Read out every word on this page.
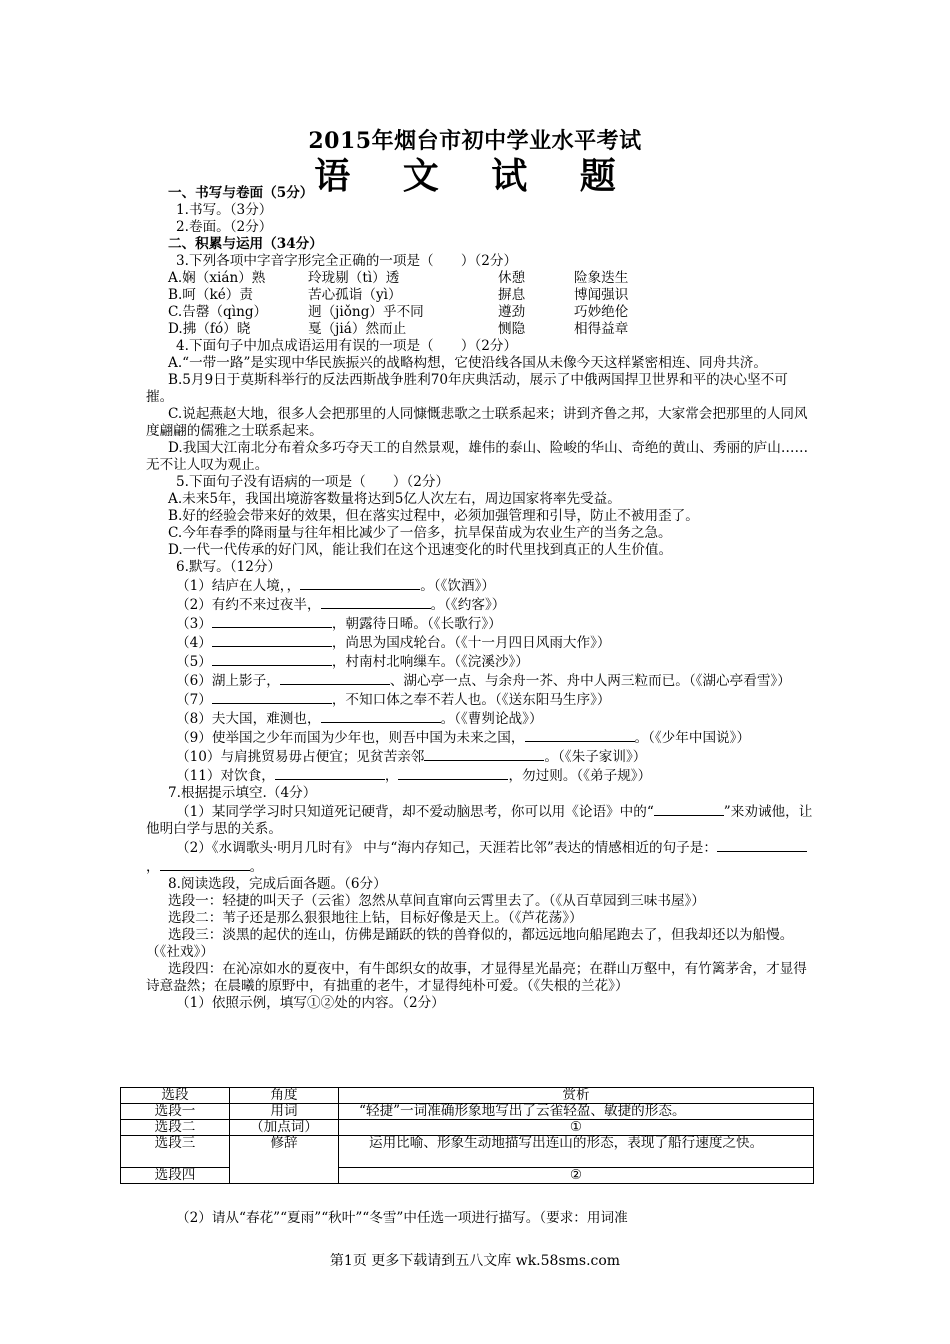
2015年烟台市初中学业水平考试
语 文 试 题

一、书写与卷面（5分）

1.书写。（3分）

2.卷面。（2分）

二、积累与运用（34分）

3.下列各项中字音字形完全正确的一项是（　　）（2分）

A.娴（xián）熟	玲珑剔（tì）透	休憩	险象迭生
B.呵（ké）责	苦心孤诣（yì）	摒息	博闻强识
C.告罄（qìng）	迥（jiǒng）乎不同	遵劲	巧妙绝伦
D.拂（fó）晓	戛（jiá）然而止	恻隐	相得益章

4.下面句子中加点成语运用有误的一项是（　　）（2分）

A.“一带一路”是实现中华民族振兴的战略构想，它使沿线各国从未像今天这样紧密相连、同舟共济。

B.5月9日于莫斯科举行的反法西斯战争胜利70年庆典活动，展示了中俄两国捍卫世界和平的决心坚不可摧。

C.说起燕赵大地，很多人会把那里的人同慷慨悲歌之士联系起来；讲到齐鲁之邦，大家常会把那里的人同风度翩翩的儒雅之士联系起来。

D.我国大江南北分布着众多巧夺天工的自然景观，雄伟的泰山、险峻的华山、奇绝的黄山、秀丽的庐山……无不让人叹为观止。

5.下面句子没有语病的一项是（　　）（2分）

A.未来5年，我国出境游客数量将达到5亿人次左右，周边国家将率先受益。

B.好的经验会带来好的效果，但在落实过程中，必须加强管理和引导，防止不被用歪了。

C.今年春季的降雨量与往年相比减少了一倍多，抗旱保苗成为农业生产的当务之急。

D.一代一代传承的好门风，能让我们在这个迅速变化的时代里找到真正的人生价值。

6.默写。（12分）

（1）结庐在人境，，	。（《饮酒》）

（2）有约不来过夜半，	。（《约客》）

（3）	，朝露待日晞。（《长歌行》）

（4）	，尚思为国戍轮台。（《十一月四日风雨大作》）

（5）	，村南村北响缫车。（《浣溪沙》）

（6）湖上影子，	、湖心亭一点、与余舟一芥、舟中人两三粒而已。（《湖心亭看雪》）

（7）	，不知口体之奉不若人也。（《送东阳马生序》）

（8）夫大国，难测也，	。（《曹刿论战》）

（9）使举国之少年而国为少年也，则吾中国为未来之国，	。（《少年中国说》）

（10）与肩挑贸易毋占便宜；见贫苦亲邻	。（《朱子家训》）

（11）对饮食，	，	，勿过则。（《弟子规》）

7.根据提示填空.（4分）

（1）某同学学习时只知道死记硬背，却不爱动脑思考，你可以用《论语》中的“	”来劝诫他，让他明白学与思的关系。

（2）《水调歌头·明月几时有》 中与“海内存知己，天涯若比邻”表达的情感相近的句子是：，	。

8.阅读选段，完成后面各题。（6分）

选段一：轻捷的叫天子（云雀）忽然从草间直窜向云霄里去了。（《从百草园到三味书屋》）

选段二：苇子还是那么狠狠地往上钻，目标好像是天上。（《芦花荡》）

选段三：淡黑的起伏的连山，仿佛是踊跃的铁的兽脊似的，都远远地向船尾跑去了，但我却还以为船慢。（《社戏》）

选段四：在沁凉如水的夏夜中，有牛郎织女的故事，才显得星光晶亮；在群山万壑中，有竹篱茅舍，才显得诗意盎然；在晨曦的原野中，有拙重的老牛，才显得纯朴可爱。（《失根的兰花》）

（1）依照示例，填写①②处的内容。（2分）

选段	角度	赏析
选段一	用词	“轻捷”一词准确形象地写出了云雀轻盈、敏捷的形态。
选段二	（加点词）	①
选段三	修辞	运用比喻、形象生动地描写出连山的形态，表现了船行速度之快。
选段四		②

（2）请从“春花”“夏雨”“秋叶”“冬雪”中任选一项进行描写。（要求：用词准

第1页 更多下载请到五八文库 wk.58sms.com
